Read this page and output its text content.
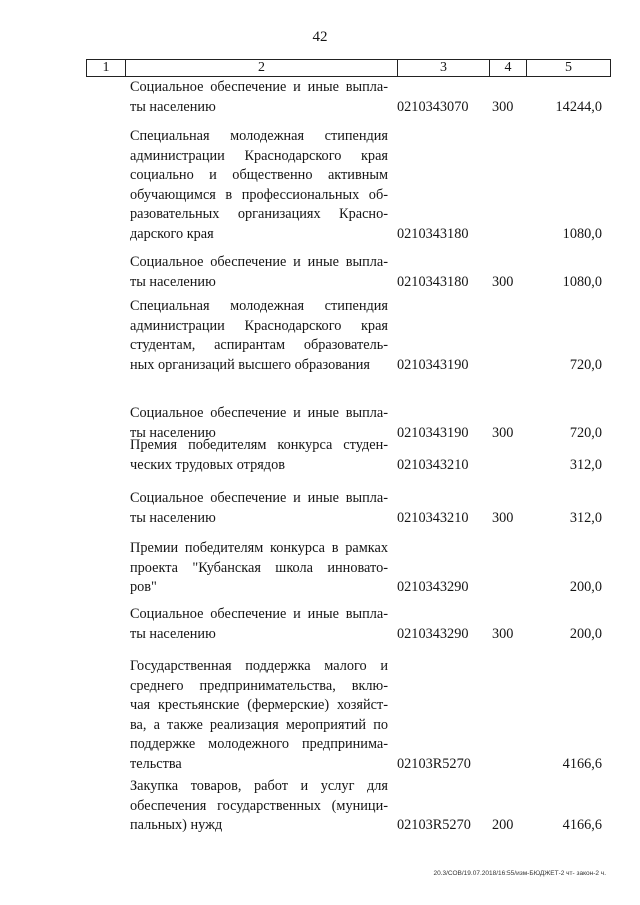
42
1	2	3	4	5
Социальное обеспечение и иные выпла-
ты населению	0210343070 300	14244,0
Специальная молодежная стипендия
администрации Краснодарского края
социально и общественно активным
обучающимся в профессиональных об-
разовательных организациях Красно-
дарского края	0210343180	1080,0
Социальное обеспечение и иные выпла-
ты населению	0210343180 300	1080,0
Специальная молодежная стипендия
администрации Краснодарского края
студентам, аспирантам образователь-
ных организаций высшего образования	0210343190	720,0
Социальное обеспечение и иные выпла-
ты населению	0210343190 300	720,0
Премия победителям конкурса студен-
ческих трудовых отрядов	0210343210	312,0
Социальное обеспечение и иные выпла-
ты населению	0210343210 300	312,0
Премии победителям конкурса в рамках
проекта "Кубанская школа инновато-
ров"	0210343290	200,0
Социальное обеспечение и иные выпла-
ты населению	0210343290 300	200,0
Государственная поддержка малого и
среднего предпринимательства, вклю-
чая крестьянские (фермерские) хозяйст-
ва, а также реализация мероприятий по
поддержке молодежного предпринима-
тельства	02103R5270	4166,6
Закупка товаров, работ и услуг для
обеспечения государственных (муници-
пальных) нужд	02103R5270 200	4166,6
20.3/СОВ/19.07.2018/16:55/изм-БЮДЖЕТ-2 чт- закон-2 ч.
